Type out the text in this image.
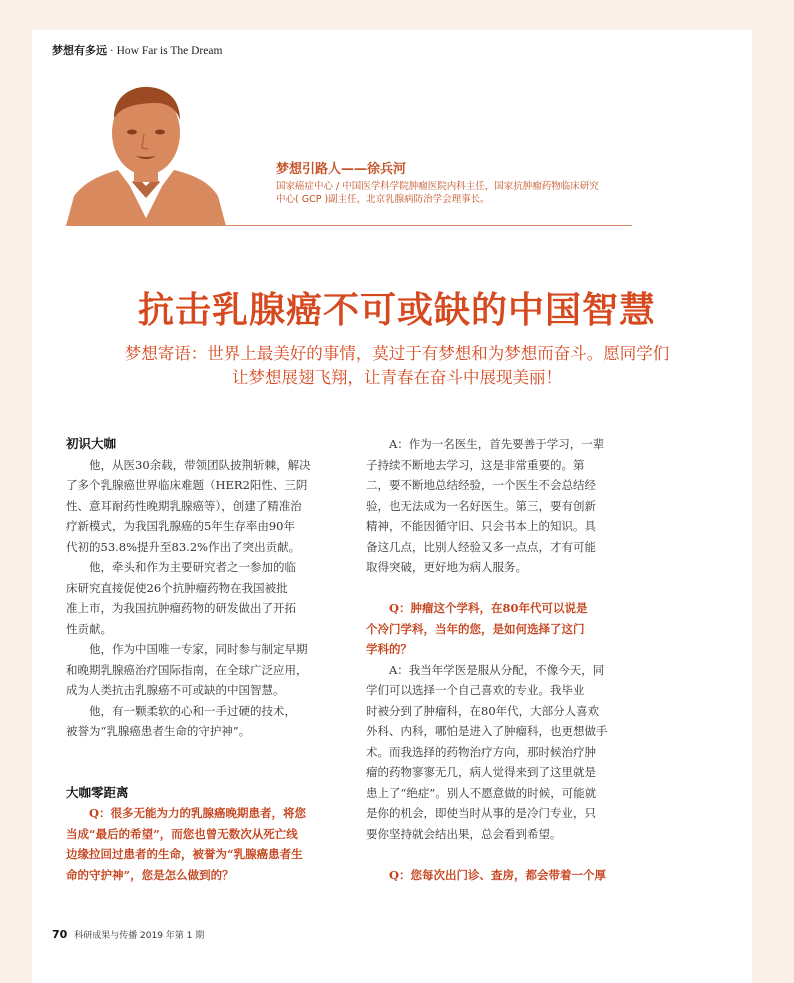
梦想有多远 · How Far is The Dream
梦想引路人——徐兵河
国家癌症中心 / 中国医学科学院肿瘤医院内科主任，国家抗肿瘤药物临床研究
中心( GCP )副主任，北京乳腺病防治学会理事长。
抗击乳腺癌不可或缺的中国智慧
梦想寄语：世界上最美好的事情，莫过于有梦想和为梦想而奋斗。愿同学们
让梦想展翅飞翔，让青春在奋斗中展现美丽！
初识大咖
　　他，从医30余载，带领团队披荆斩棘，解决
了多个乳腺癌世界临床难题（HER2阳性、三阴
性、意耳耐药性晚期乳腺癌等），创建了精准治
疗新模式，为我国乳腺癌的5年生存率由90年
代初的53.8%提升至83.2%作出了突出贡献。
　　他，牵头和作为主要研究者之一参加的临
床研究直接促使26个抗肿瘤药物在我国被批
准上市，为我国抗肿瘤药物的研发做出了开拓
性贡献。
　　他，作为中国唯一专家，同时参与制定早期
和晚期乳腺癌治疗国际指南，在全球广泛应用，
成为人类抗击乳腺癌不可或缺的中国智慧。
　　他，有一颗柔软的心和一手过硬的技术，
被誉为“乳腺癌患者生命的守护神”。
大咖零距离
　　Q：很多无能为力的乳腺癌晚期患者，将您
当成“最后的希望”，而您也曾无数次从死亡线
边缘拉回过患者的生命，被誉为“乳腺癌患者生
命的守护神”，您是怎么做到的？
　　A：作为一名医生，首先要善于学习，一辈
子持续不断地去学习，这是非常重要的。第
二，要不断地总结经验，一个医生不会总结经
验，也无法成为一名好医生。第三，要有创新
精神，不能因循守旧、只会书本上的知识。具
备这几点，比别人经验又多一点点，才有可能
取得突破，更好地为病人服务。
　　Q：肿瘤这个学科，在80年代可以说是
个冷门学科，当年的您，是如何选择了这门
学科的？
　　A：我当年学医是服从分配，不像今天，同
学们可以选择一个自己喜欢的专业。我毕业
时被分到了肿瘤科，在80年代，大部分人喜欢
外科、内科，哪怕是进入了肿瘤科，也更想做手
术。而我选择的药物治疗方向，那时候治疗肿
瘤的药物寥寥无几，病人觉得来到了这里就是
患上了“绝症”。别人不愿意做的时候，可能就
是你的机会，即使当时从事的是冷门专业，只
要你坚持就会结出果，总会看到希望。
　　Q：您每次出门诊、查房，都会带着一个厚
70 科研成果与传播 2019 年第 1 期
